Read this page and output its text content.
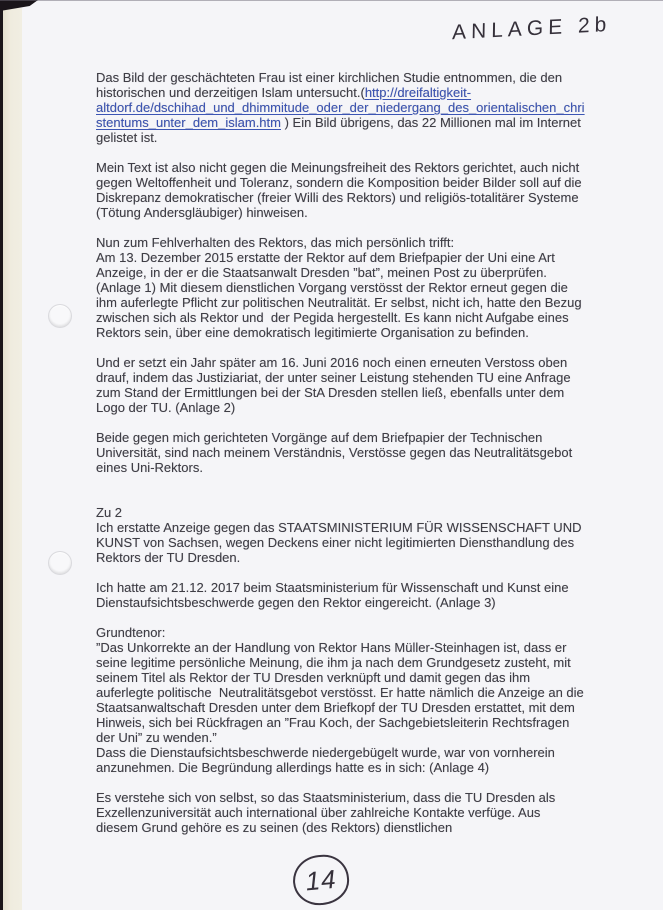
ANLAGE 2b
Das Bild der geschächteten Frau ist einer kirchlichen Studie entnommen, die den
historischen und derzeitigen Islam untersucht.(http://dreifaltigkeit-
altdorf.de/dschihad_und_dhimmitude_oder_der_niedergang_des_orientalischen_chri
stentums_unter_dem_islam.htm ) Ein Bild übrigens, das 22 Millionen mal im Internet
gelistet ist.
Mein Text ist also nicht gegen die Meinungsfreiheit des Rektors gerichtet, auch nicht
gegen Weltoffenheit und Toleranz, sondern die Komposition beider Bilder soll auf die
Diskrepanz demokratischer (freier Willi des Rektors) und religiös-totalitärer Systeme
(Tötung Andersgläubiger) hinweisen.
Nun zum Fehlverhalten des Rektors, das mich persönlich trifft:
Am 13. Dezember 2015 erstatte der Rektor auf dem Briefpapier der Uni eine Art
Anzeige, in der er die Staatsanwalt Dresden ”bat”, meinen Post zu überprüfen.
(Anlage 1) Mit diesem dienstlichen Vorgang verstösst der Rektor erneut gegen die
ihm auferlegte Pflicht zur politischen Neutralität. Er selbst, nicht ich, hatte den Bezug
zwischen sich als Rektor und  der Pegida hergestellt. Es kann nicht Aufgabe eines
Rektors sein, über eine demokratisch legitimierte Organisation zu befinden.
Und er setzt ein Jahr später am 16. Juni 2016 noch einen erneuten Verstoss oben
drauf, indem das Justiziariat, der unter seiner Leistung stehenden TU eine Anfrage
zum Stand der Ermittlungen bei der StA Dresden stellen ließ, ebenfalls unter dem
Logo der TU. (Anlage 2)
Beide gegen mich gerichteten Vorgänge auf dem Briefpapier der Technischen
Universität, sind nach meinem Verständnis, Verstösse gegen das Neutralitätsgebot
eines Uni-Rektors.
Zu 2
Ich erstatte Anzeige gegen das STAATSMINISTERIUM FÜR WISSENSCHAFT UND
KUNST von Sachsen, wegen Deckens einer nicht legitimierten Diensthandlung des
Rektors der TU Dresden.
Ich hatte am 21.12. 2017 beim Staatsministerium für Wissenschaft und Kunst eine
Dienstaufsichtsbeschwerde gegen den Rektor eingereicht. (Anlage 3)
Grundtenor:
”Das Unkorrekte an der Handlung von Rektor Hans Müller-Steinhagen ist, dass er
seine legitime persönliche Meinung, die ihm ja nach dem Grundgesetz zusteht, mit
seinem Titel als Rektor der TU Dresden verknüpft und damit gegen das ihm
auferlegte politische  Neutralitätsgebot verstösst. Er hatte nämlich die Anzeige an die
Staatsanwaltschaft Dresden unter dem Briefkopf der TU Dresden erstattet, mit dem
Hinweis, sich bei Rückfragen an ”Frau Koch, der Sachgebietsleiterin Rechtsfragen
der Uni” zu wenden.”
Dass die Dienstaufsichtsbeschwerde niedergebügelt wurde, war von vornherein
anzunehmen. Die Begründung allerdings hatte es in sich: (Anlage 4)
Es verstehe sich von selbst, so das Staatsministerium, dass die TU Dresden als
Exzellenzuniversität auch international über zahlreiche Kontakte verfüge. Aus
diesem Grund gehöre es zu seinen (des Rektors) dienstlichen
14
